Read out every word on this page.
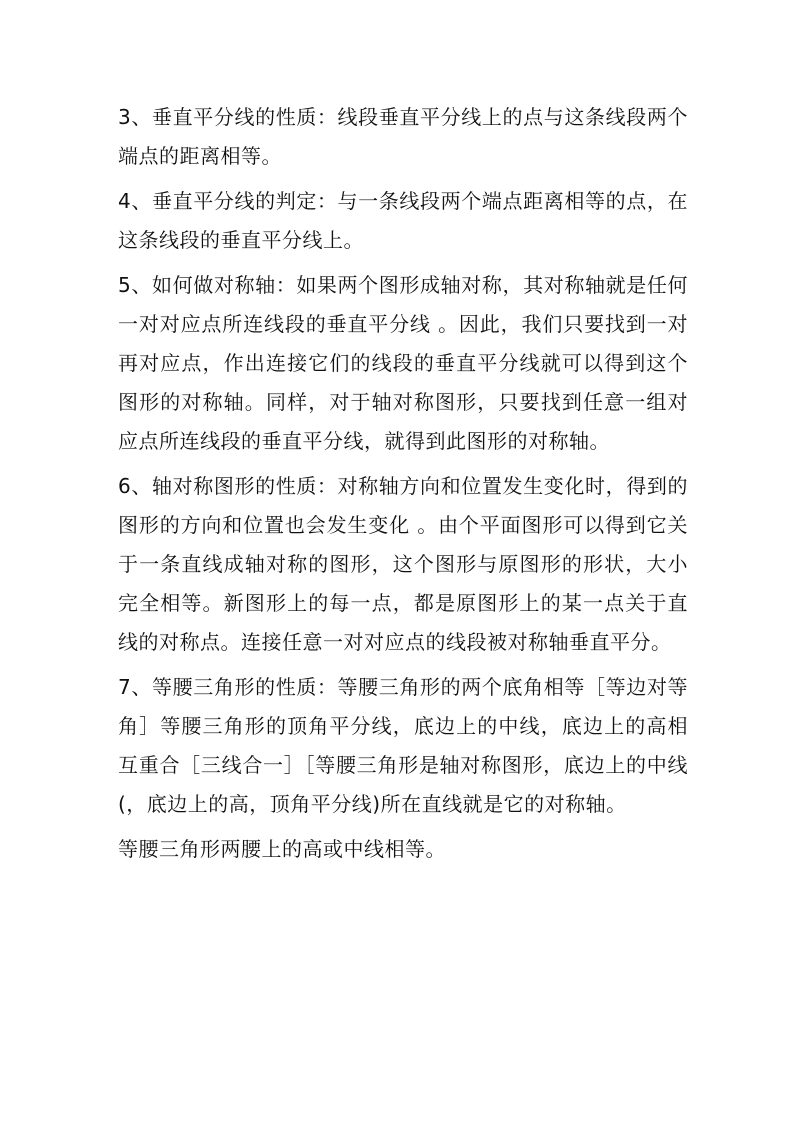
3、垂直平分线的性质：线段垂直平分线上的点与这条线段两个端点的距离相等。

4、垂直平分线的判定：与一条线段两个端点距离相等的点，在这条线段的垂直平分线上。

5、如何做对称轴：如果两个图形成轴对称，其对称轴就是任何一对对应点所连线段的垂直平分线 。因此，我们只要找到一对再对应点，作出连接它们的线段的垂直平分线就可以得到这个图形的对称轴。同样，对于轴对称图形，只要找到任意一组对应点所连线段的垂直平分线，就得到此图形的对称轴。

6、轴对称图形的性质：对称轴方向和位置发生变化时，得到的图形的方向和位置也会发生变化 。由个平面图形可以得到它关于一条直线成轴对称的图形，这个图形与原图形的形状，大小完全相等。新图形上的每一点，都是原图形上的某一点关于直线的对称点。连接任意一对对应点的线段被对称轴垂直平分。

7、等腰三角形的性质：等腰三角形的两个底角相等［等边对等角］等腰三角形的顶角平分线，底边上的中线，底边上的高相互重合［三线合一］［等腰三角形是轴对称图形，底边上的中线(，底边上的高，顶角平分线)所在直线就是它的对称轴。

等腰三角形两腰上的高或中线相等。
